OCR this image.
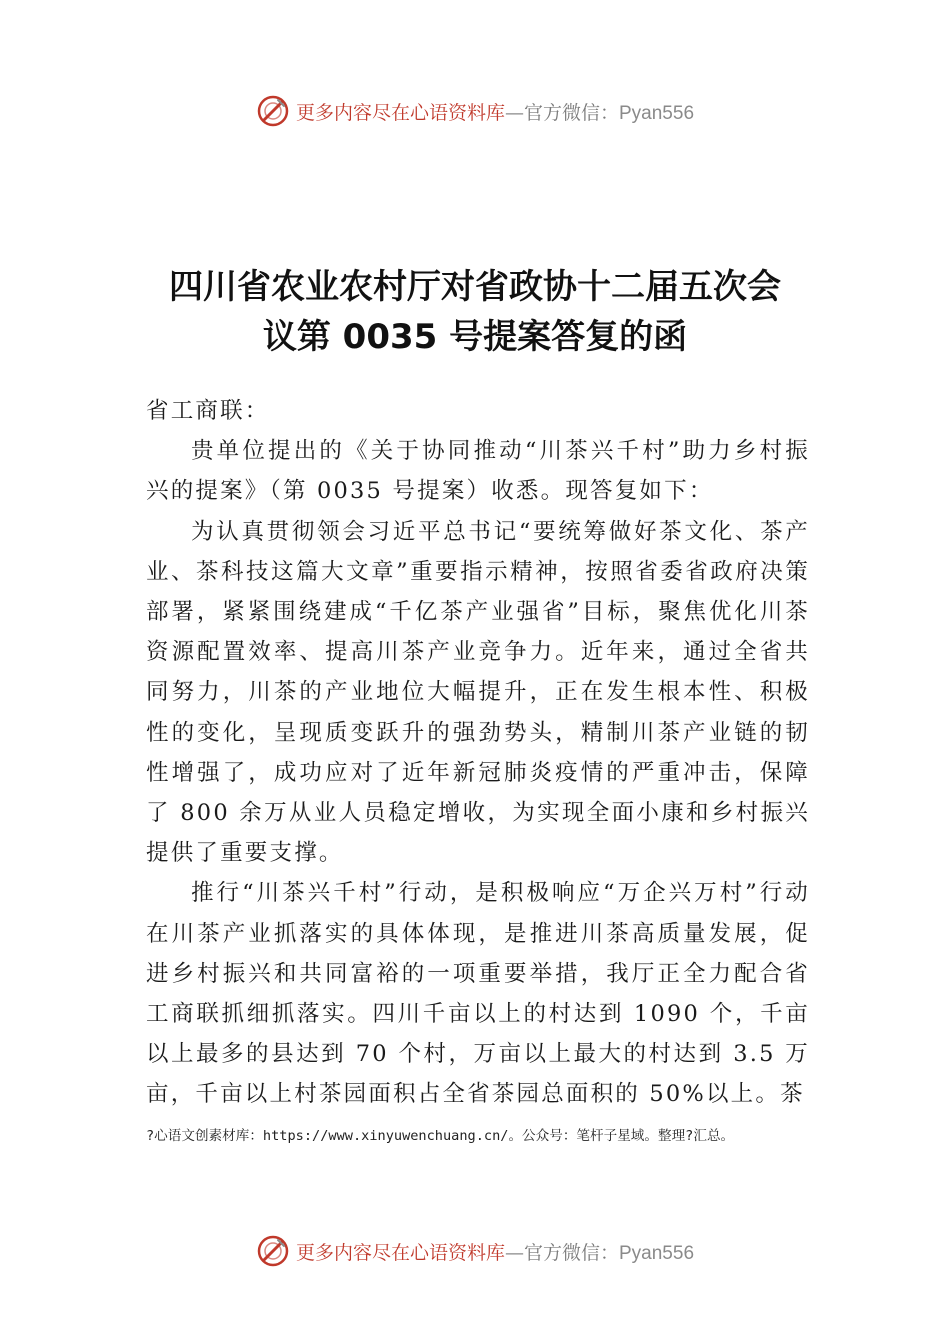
更多内容尽在心语资料库—官方微信：Pyan556
四川省农业农村厅对省政协十二届五次会
议第 0035 号提案答复的函

省工商联：

贵单位提出的《关于协同推动“川茶兴千村”助力乡村振兴的提案》（第 0035 号提案）收悉。现答复如下：

为认真贯彻领会习近平总书记“要统筹做好茶文化、茶产业、茶科技这篇大文章”重要指示精神，按照省委省政府决策部署，紧紧围绕建成“千亿茶产业强省”目标，聚焦优化川茶资源配置效率、提高川茶产业竞争力。近年来，通过全省共同努力，川茶的产业地位大幅提升，正在发生根本性、积极性的变化，呈现质变跃升的强劲势头，精制川茶产业链的韧性增强了，成功应对了近年新冠肺炎疫情的严重冲击，保障了 800 余万从业人员稳定增收，为实现全面小康和乡村振兴提供了重要支撑。

推行“川茶兴千村”行动，是积极响应“万企兴万村”行动在川茶产业抓落实的具体体现，是推进川茶高质量发展，促进乡村振兴和共同富裕的一项重要举措，我厅正全力配合省工商联抓细抓落实。四川千亩以上的村达到 1090 个，千亩以上最多的县达到 70 个村，万亩以上最大的村达到 3.5 万亩，千亩以上村茶园面积占全省茶园总面积的 50%以上。茶

?心语文创素材库：https://www.xinyuwenchuang.cn/。公众号：笔杆子星域。整理?汇总。
更多内容尽在心语资料库—官方微信：Pyan556
